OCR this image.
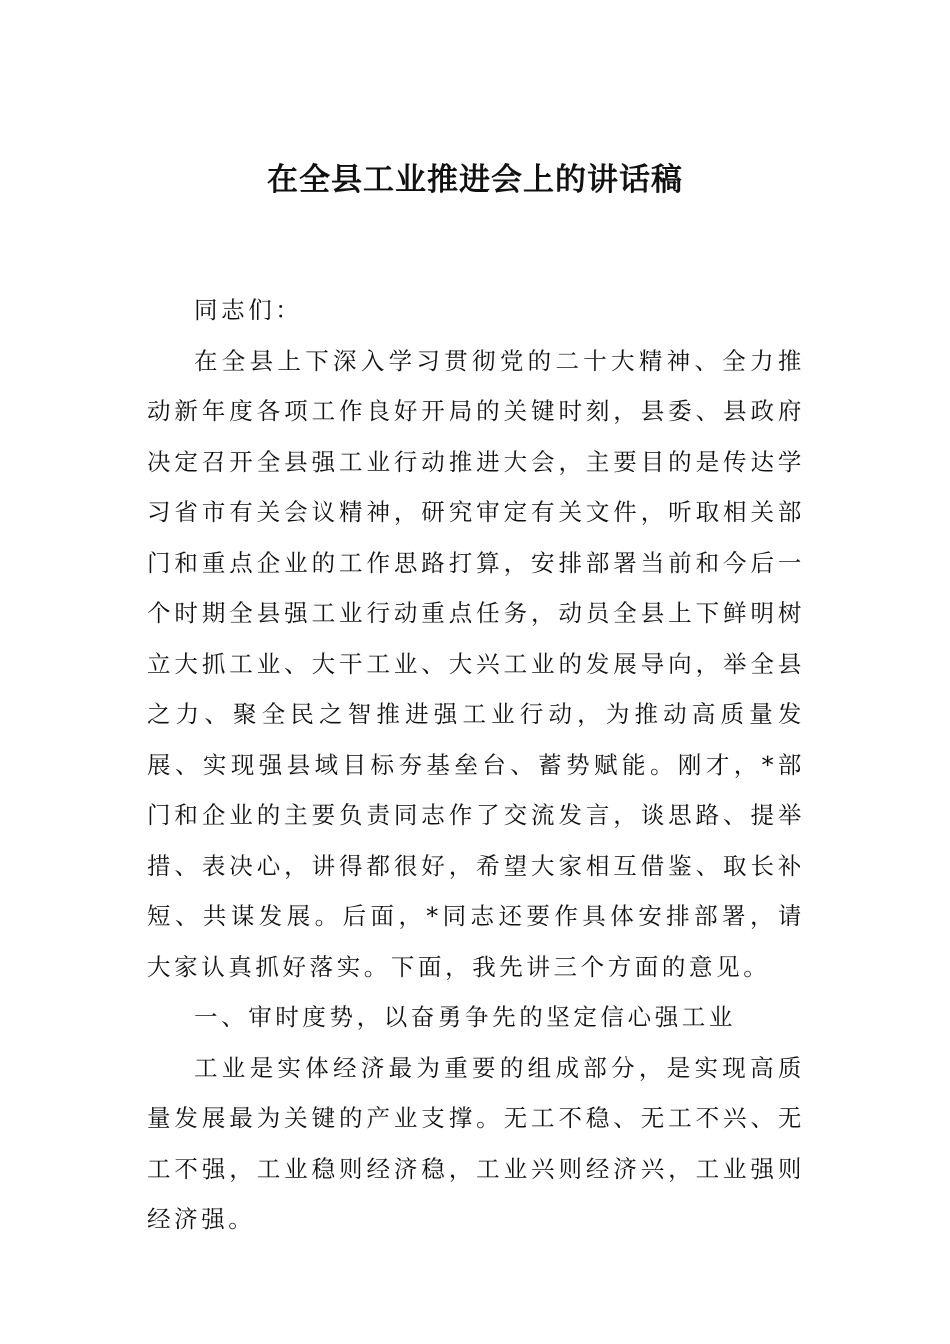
在全县工业推进会上的讲话稿

同志们：

在全县上下深入学习贯彻党的二十大精神、全力推动新年度各项工作良好开局的关键时刻，县委、县政府决定召开全县强工业行动推进大会，主要目的是传达学习省市有关会议精神，研究审定有关文件，听取相关部门和重点企业的工作思路打算，安排部署当前和今后一个时期全县强工业行动重点任务，动员全县上下鲜明树立大抓工业、大干工业、大兴工业的发展导向，举全县之力、聚全民之智推进强工业行动，为推动高质量发展、实现强县域目标夯基垒台、蓄势赋能。刚才，*部门和企业的主要负责同志作了交流发言，谈思路、提举措、表决心，讲得都很好，希望大家相互借鉴、取长补短、共谋发展。后面，*同志还要作具体安排部署，请大家认真抓好落实。下面，我先讲三个方面的意见。

一、审时度势，以奋勇争先的坚定信心强工业

工业是实体经济最为重要的组成部分，是实现高质量发展最为关键的产业支撑。无工不稳、无工不兴、无工不强，工业稳则经济稳，工业兴则经济兴，工业强则经济强。
